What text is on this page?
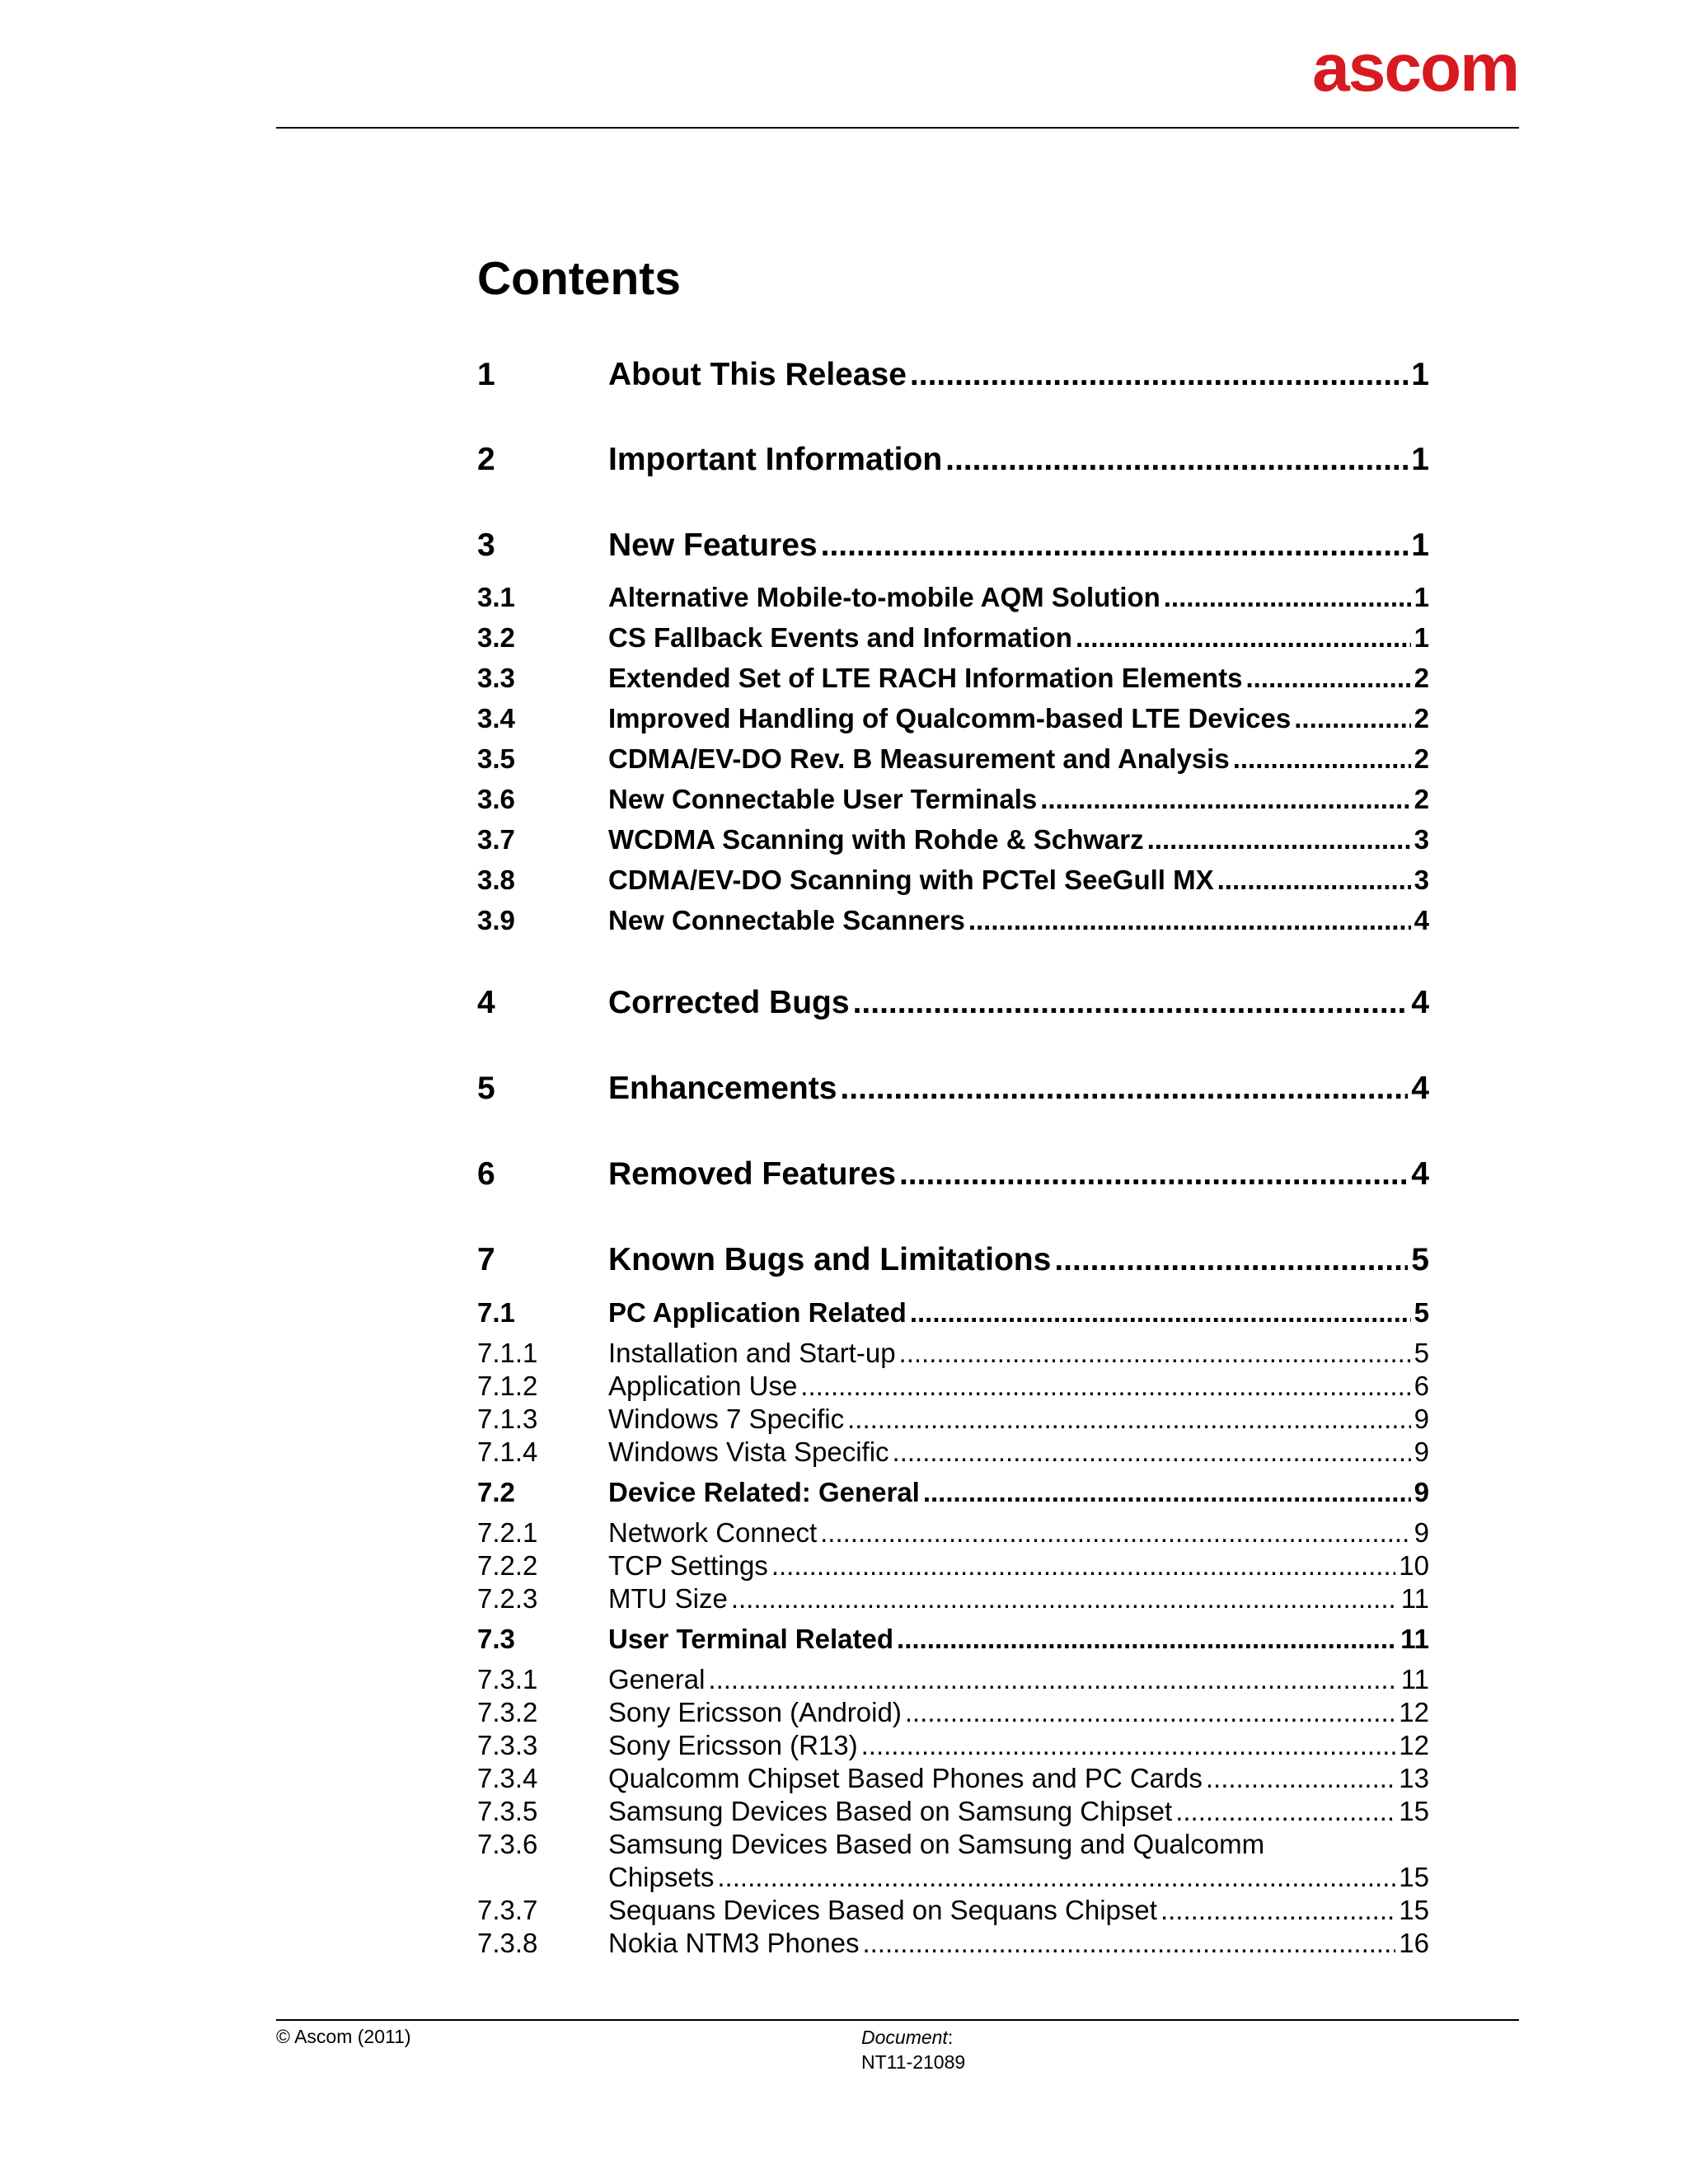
ascom
Contents
1	About This Release .....	1
2	Important Information .....	1
3	New Features .....	1
3.1	Alternative Mobile-to-mobile AQM Solution .....	1
3.2	CS Fallback Events and Information .....	1
3.3	Extended Set of LTE RACH Information Elements .....	2
3.4	Improved Handling of Qualcomm-based LTE Devices .....	2
3.5	CDMA/EV-DO Rev. B Measurement and Analysis .....	2
3.6	New Connectable User Terminals .....	2
3.7	WCDMA Scanning with Rohde & Schwarz .....	3
3.8	CDMA/EV-DO Scanning with PCTel SeeGull MX .....	3
3.9	New Connectable Scanners .....	4
4	Corrected Bugs .....	4
5	Enhancements .....	4
6	Removed Features .....	4
7	Known Bugs and Limitations .....	5
7.1	PC Application Related .....	5
7.1.1	Installation and Start-up .....	5
7.1.2	Application Use .....	6
7.1.3	Windows 7 Specific .....	9
7.1.4	Windows Vista Specific .....	9
7.2	Device Related: General .....	9
7.2.1	Network Connect .....	9
7.2.2	TCP Settings .....	10
7.2.3	MTU Size .....	11
7.3	User Terminal Related .....	11
7.3.1	General .....	11
7.3.2	Sony Ericsson (Android) .....	12
7.3.3	Sony Ericsson (R13) .....	12
7.3.4	Qualcomm Chipset Based Phones and PC Cards .....	13
7.3.5	Samsung Devices Based on Samsung Chipset .....	15
7.3.6	Samsung Devices Based on Samsung and Qualcomm
Chipsets .....	15
7.3.7	Sequans Devices Based on Sequans Chipset .....	15
7.3.8	Nokia NTM3 Phones .....	16
© Ascom (2011)	Document:
NT11-21089
